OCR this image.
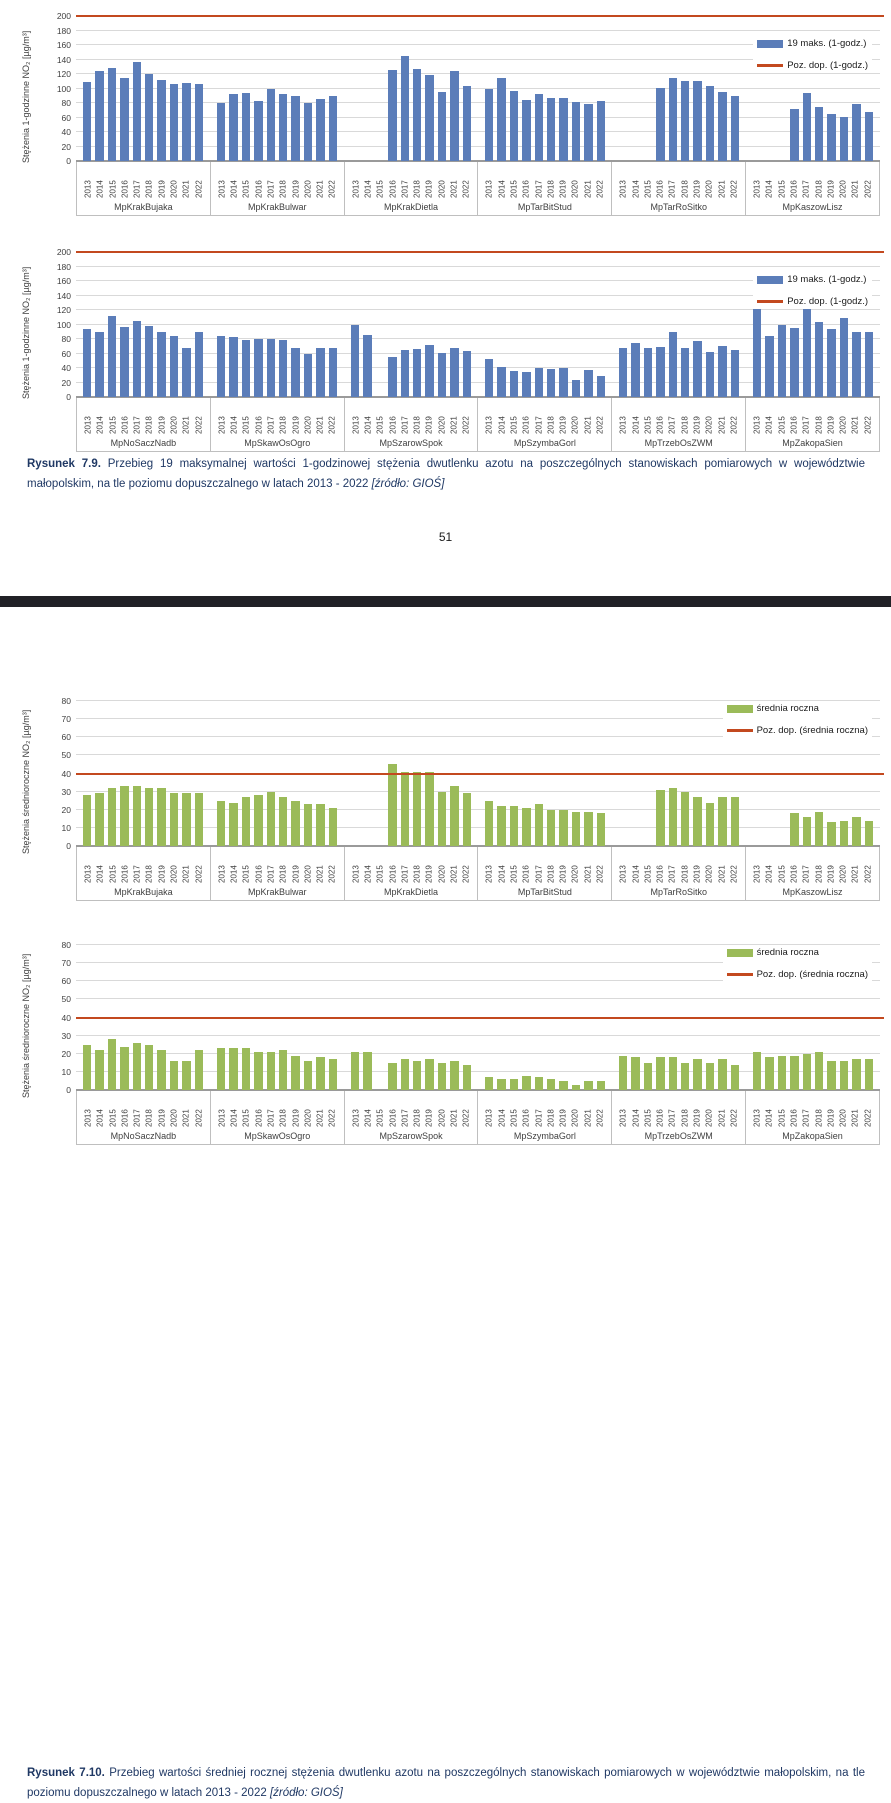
Stężenia 1-godzinne NO₂ [µg/m³]	0
20
40
60
80
100
120
140
160
180
200
2013 2014 2015 2016 2017 2018 2019 2020 2021 2022 2013 2014 2015 2016 2017 2018 2019 2020 2021 2022 2013 2014 2015 2016 2017 2018 2019 2020 2021 2022 2013 2014 2015 2016 2017 2018 2019 2020 2021 2022 2013 2014 2015 2016 2017 2018 2019 2020 2021 2022 2013 2014 2015 2016 2017 2018 2019 2020 2021 2022
MpKrakBujaka	MpKrakBulwar	MpKrakDietla	MpTarBitStud	MpTarRoSitko	MpKaszowLisz
19 maks. (1-godz.)
Poz. dop. (1-godz.)
Stężenia 1-godzinne NO₂ [µg/m³]	0
20
40
60
80
100
120
140
160
180
200
2013 2014 2015 2016 2017 2018 2019 2020 2021 2022 2013 2014 2015 2016 2017 2018 2019 2020 2021 2022 2013 2014 2015 2016 2017 2018 2019 2020 2021 2022 2013 2014 2015 2016 2017 2018 2019 2020 2021 2022 2013 2014 2015 2016 2017 2018 2019 2020 2021 2022 2013 2014 2015 2016 2017 2018 2019 2020 2021 2022
MpNoSaczNadb	MpSkawOsOgro	MpSzarowSpok	MpSzymbaGorl	MpTrzebOsZWM	MpZakopaSien
19 maks. (1-godz.)
Poz. dop. (1-godz.)

Rysunek 7.9. Przebieg 19 maksymalnej wartości 1-godzinowej stężenia dwutlenku azotu na poszczególnych stanowiskach pomiarowych w województwie małopolskim, na tle poziomu dopuszczalnego w latach 2013 - 2022 [źródło: GIOŚ]

51
Stężenia średnioroczne NO₂ [µg/m³]	0
10
20
30
40
50
60
70
80
2013 2014 2015 2016 2017 2018 2019 2020 2021 2022 2013 2014 2015 2016 2017 2018 2019 2020 2021 2022 2013 2014 2015 2016 2017 2018 2019 2020 2021 2022 2013 2014 2015 2016 2017 2018 2019 2020 2021 2022 2013 2014 2015 2016 2017 2018 2019 2020 2021 2022 2013 2014 2015 2016 2017 2018 2019 2020 2021 2022
MpKrakBujaka	MpKrakBulwar	MpKrakDietla	MpTarBitStud	MpTarRoSitko	MpKaszowLisz
średnia roczna
Poz. dop. (średnia roczna)
Stężenia średnioroczne NO₂ [µg/m³]	0
10
20
30
40
50
60
70
80
2013 2014 2015 2016 2017 2018 2019 2020 2021 2022 2013 2014 2015 2016 2017 2018 2019 2020 2021 2022 2013 2014 2015 2016 2017 2018 2019 2020 2021 2022 2013 2014 2015 2016 2017 2018 2019 2020 2021 2022 2013 2014 2015 2016 2017 2018 2019 2020 2021 2022 2013 2014 2015 2016 2017 2018 2019 2020 2021 2022
MpNoSaczNadb	MpSkawOsOgro	MpSzarowSpok	MpSzymbaGorl	MpTrzebOsZWM	MpZakopaSien
średnia roczna
Poz. dop. (średnia roczna)

Rysunek 7.10. Przebieg wartości średniej rocznej stężenia dwutlenku azotu na poszczególnych stanowiskach pomiarowych w województwie małopolskim, na tle poziomu dopuszczalnego w latach 2013 - 2022 [źródło: GIOŚ]
